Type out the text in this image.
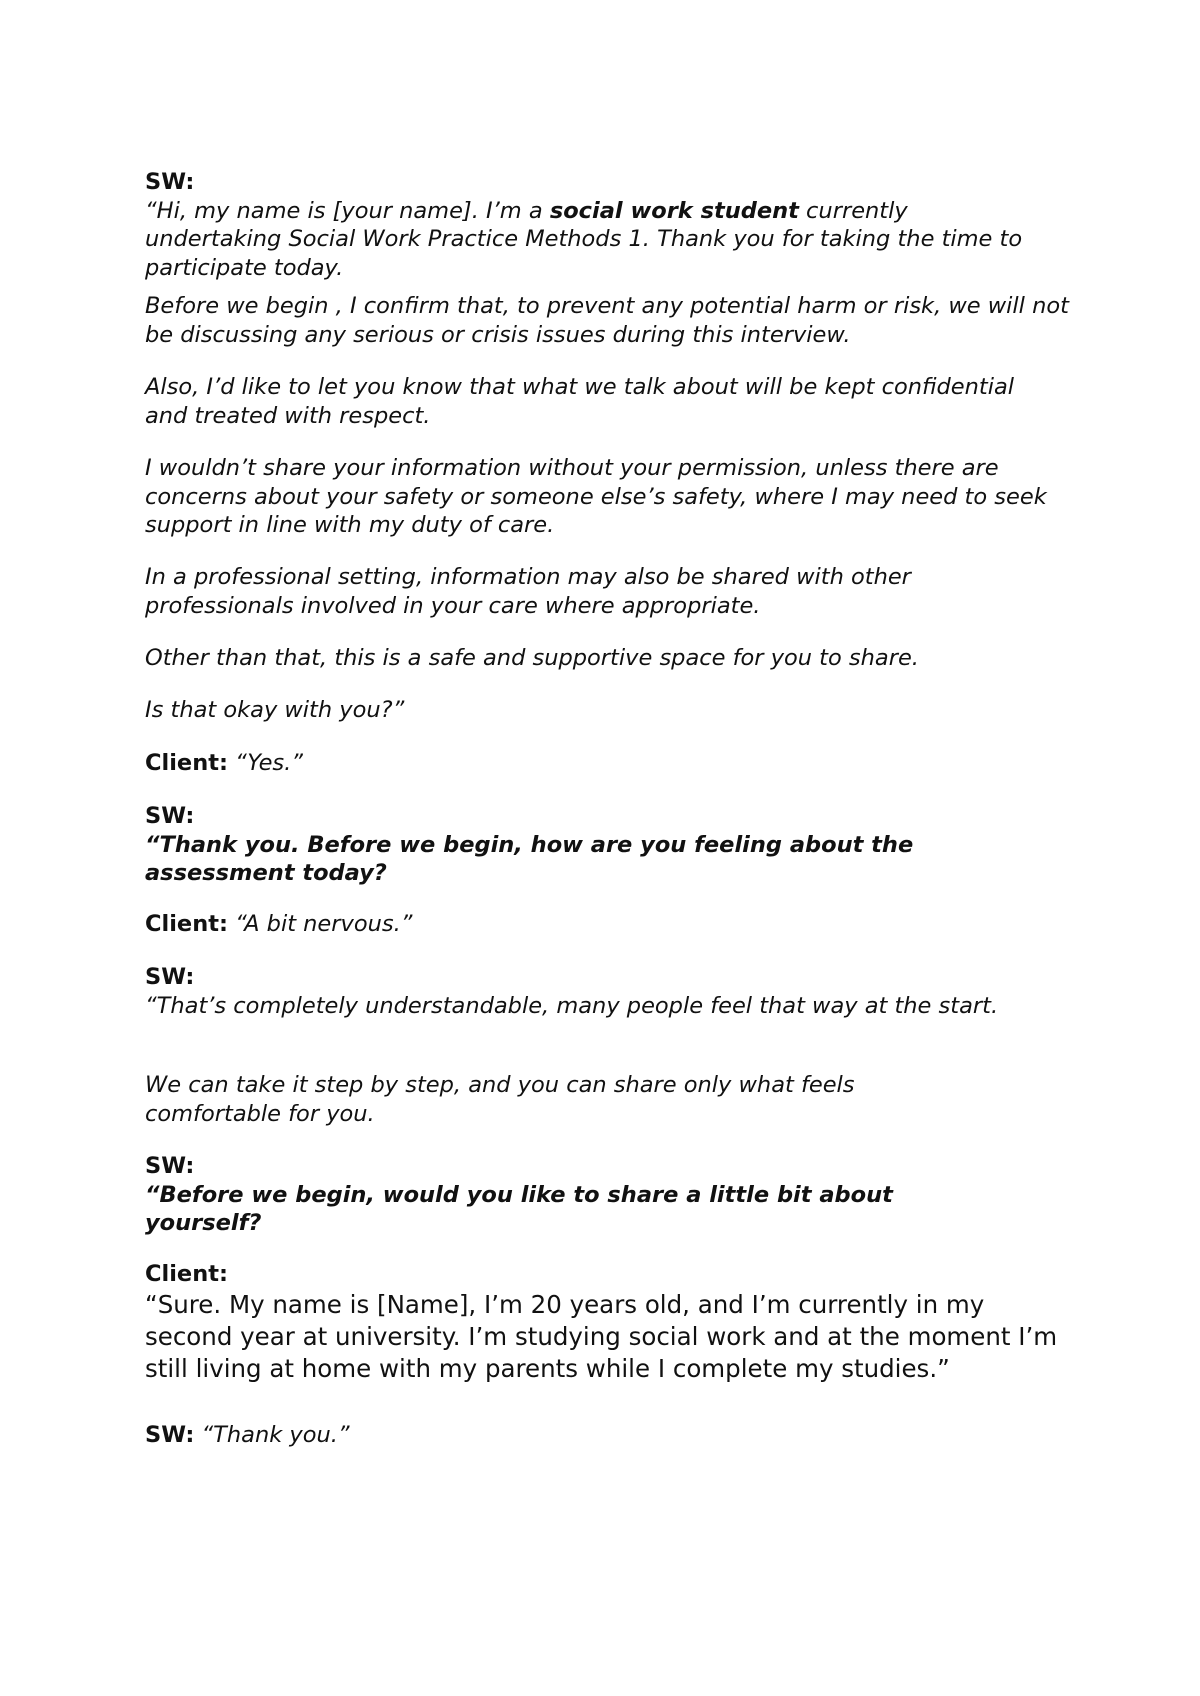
SW:

“Hi, my name is [your name]. I’m a social work student currently undertaking Social Work Practice Methods 1. Thank you for taking the time to participate today.

Before we begin , I confirm that, to prevent any potential harm or risk, we will not be discussing any serious or crisis issues during this interview.

Also, I’d like to let you know that what we talk about will be kept confidential and treated with respect.

I wouldn’t share your information without your permission, unless there are concerns about your safety or someone else’s safety, where I may need to seek support in line with my duty of care.

In a professional setting, information may also be shared with other professionals involved in your care where appropriate.

Other than that, this is a safe and supportive space for you to share.

Is that okay with you?”

Client: “Yes.”

SW:

“Thank you. Before we begin, how are you feeling about the assessment today?

Client: “A bit nervous.”

SW:

“That’s completely understandable, many people feel that way at the start.

We can take it step by step, and you can share only what feels comfortable for you.

SW:

“Before we begin, would you like to share a little bit about yourself?

Client:

“Sure. My name is [Name], I’m 20 years old, and I’m currently in my second year at university. I’m studying social work and at the moment I’m still living at home with my parents while I complete my studies.”

SW: “Thank you.”
